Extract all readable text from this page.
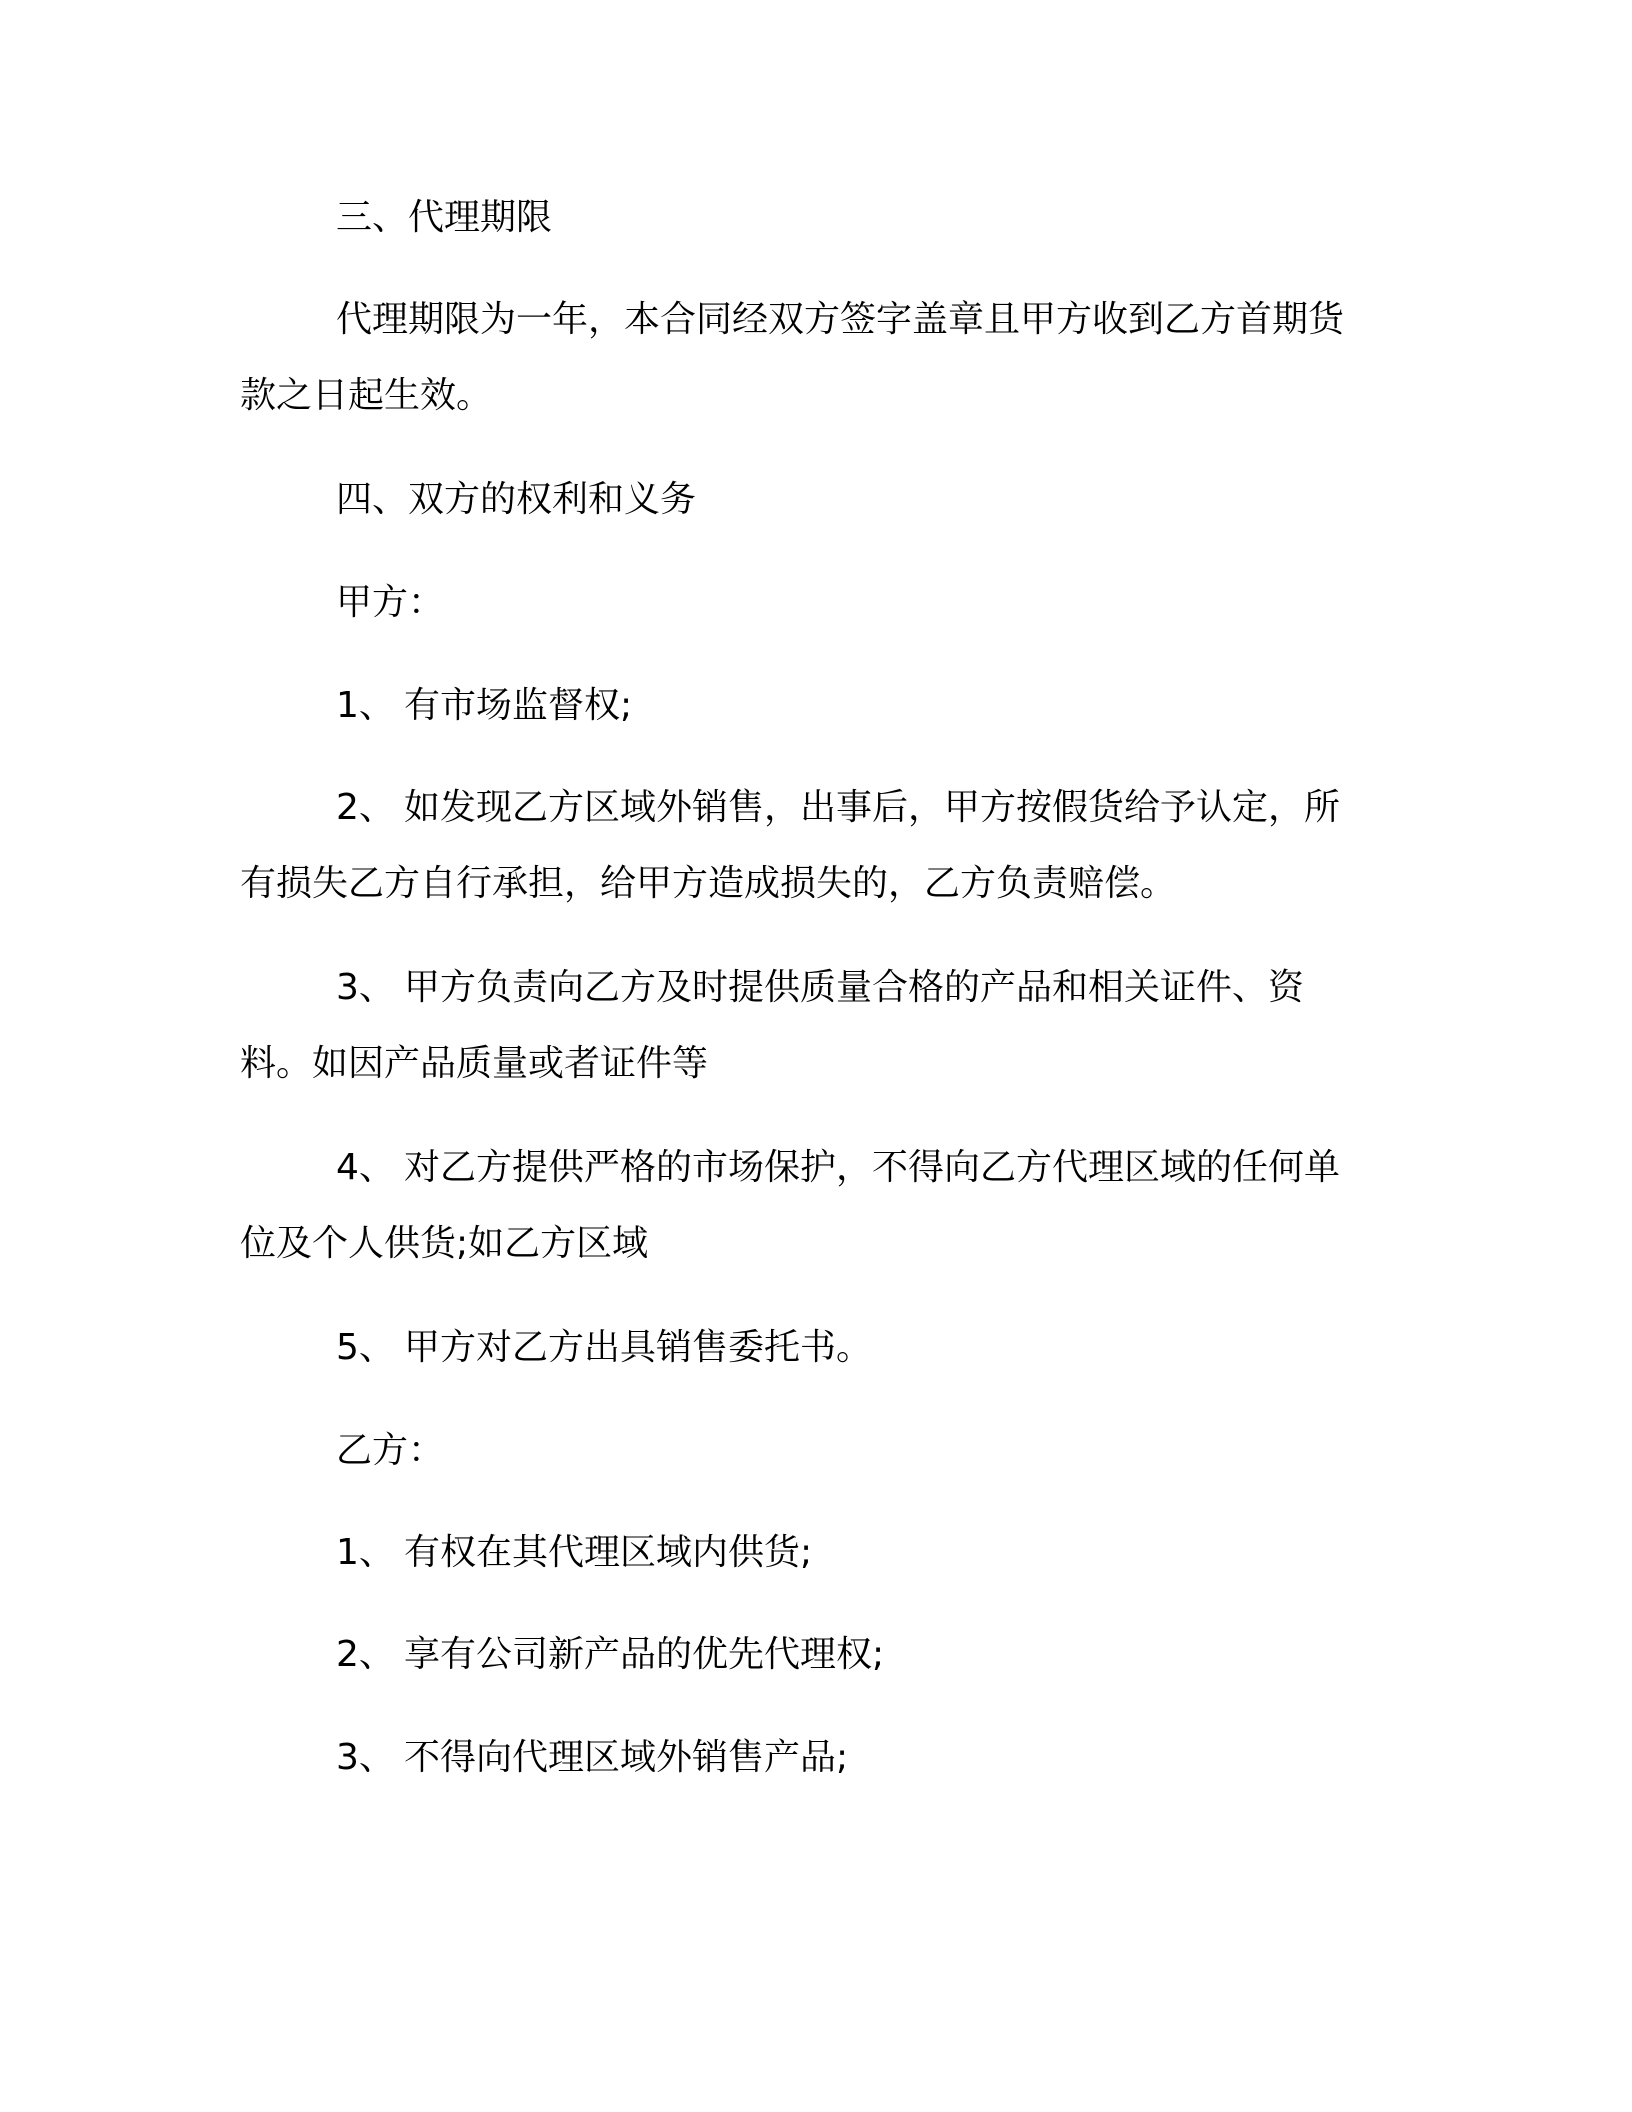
三、代理期限

代理期限为一年，本合同经双方签字盖章且甲方收到乙方首期货款之日起生效。

四、双方的权利和义务

甲方：

1、 有市场监督权;

2、 如发现乙方区域外销售，出事后，甲方按假货给予认定，所有损失乙方自行承担，给甲方造成损失的，乙方负责赔偿。

3、 甲方负责向乙方及时提供质量合格的产品和相关证件、资料。如因产品质量或者证件等

4、 对乙方提供严格的市场保护，不得向乙方代理区域的任何单位及个人供货;如乙方区域

5、 甲方对乙方出具销售委托书。

乙方：

1、 有权在其代理区域内供货;

2、 享有公司新产品的优先代理权;

3、 不得向代理区域外销售产品;
